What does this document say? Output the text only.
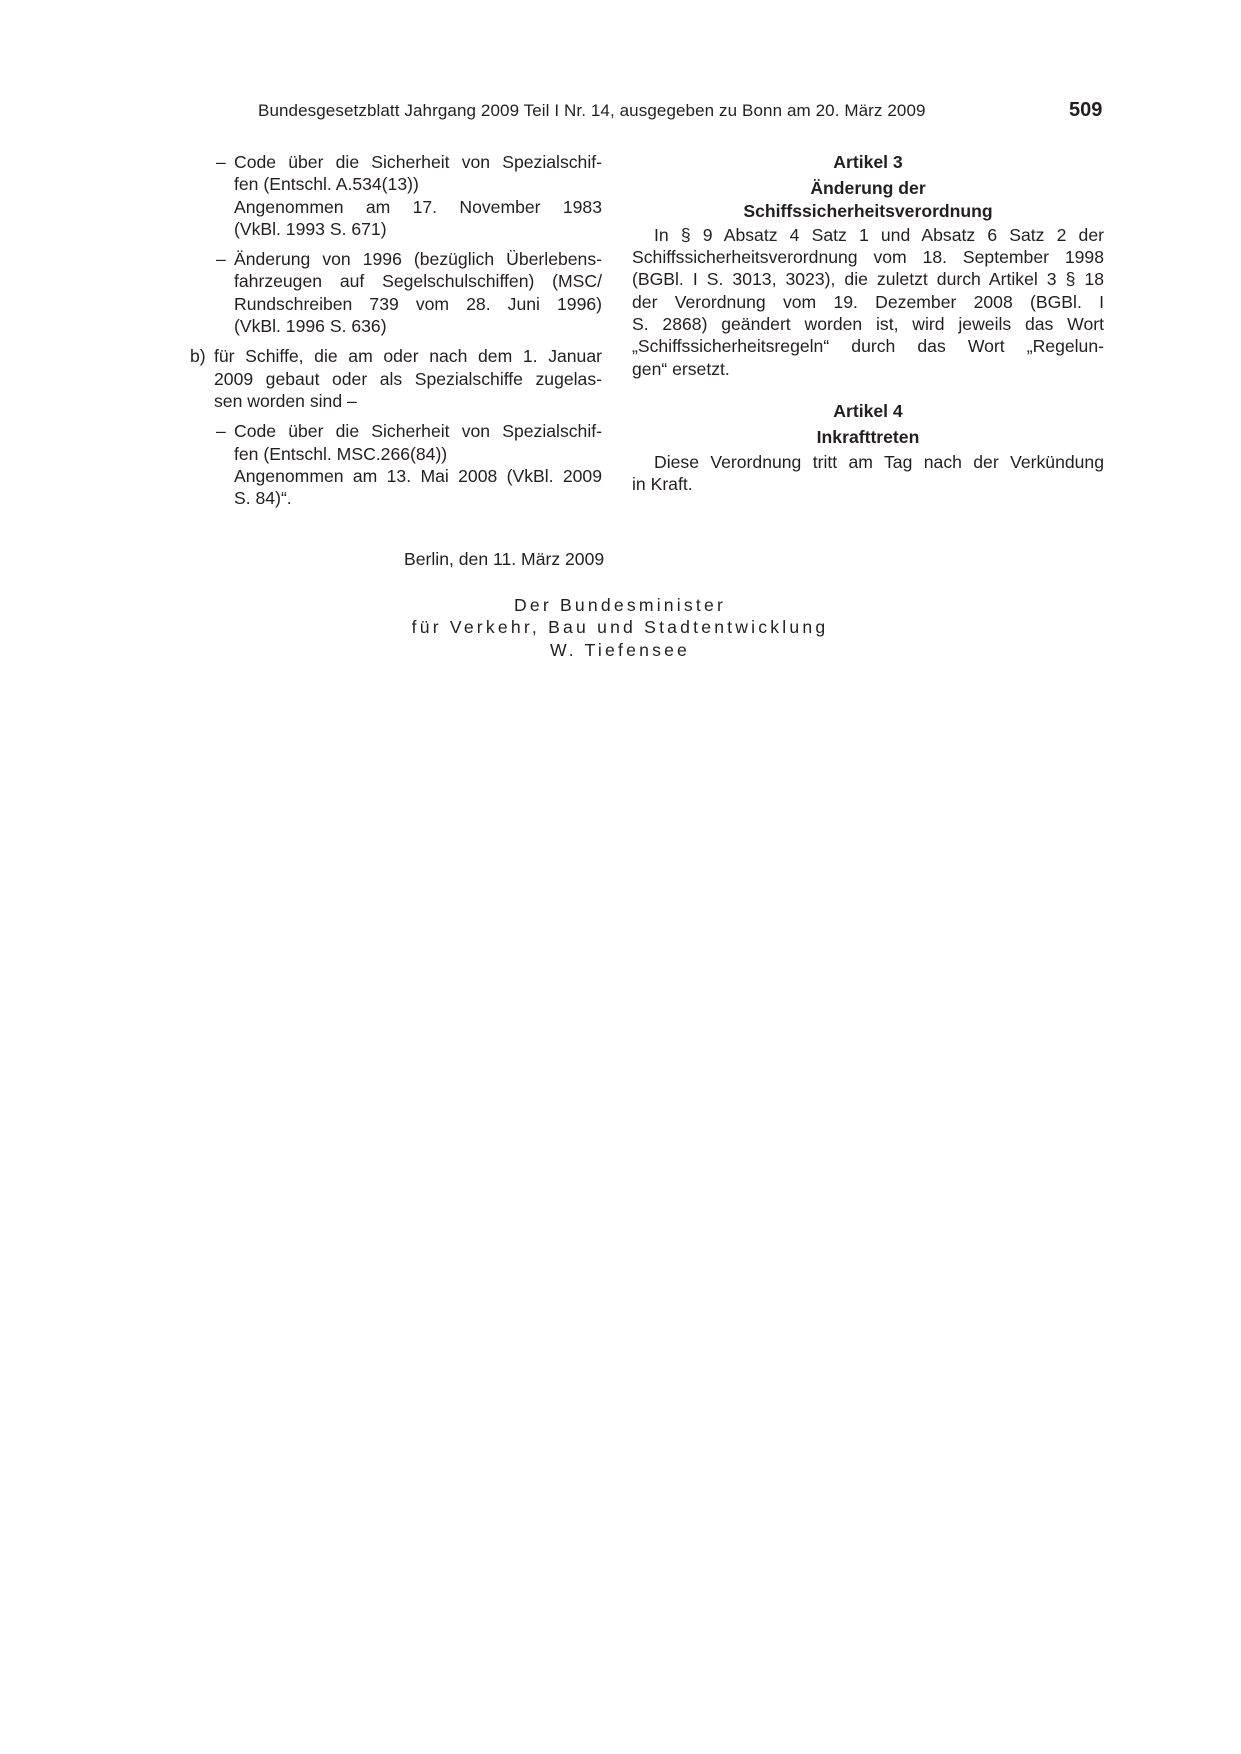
Bundesgesetzblatt Jahrgang 2009 Teil I Nr. 14, ausgegeben zu Bonn am 20. März 2009	509
– Code über die Sicherheit von Spezialschif-
fen (Entschl. A.534(13))
Angenommen am 17. November 1983
(VkBl. 1993 S. 671)
– Änderung von 1996 (bezüglich Überlebens-
fahrzeugen auf Segelschulschiffen) (MSC/
Rundschreiben 739 vom 28. Juni 1996)
(VkBl. 1996 S. 636)
b) für Schiffe, die am oder nach dem 1. Januar
2009 gebaut oder als Spezialschiffe zugelas-
sen worden sind –
– Code über die Sicherheit von Spezialschif-
fen (Entschl. MSC.266(84))
Angenommen am 13. Mai 2008 (VkBl. 2009
S. 84)“.
Artikel 3
Änderung der
Schiffssicherheitsverordnung
In § 9 Absatz 4 Satz 1 und Absatz 6 Satz 2 der
Schiffssicherheitsverordnung vom 18. September 1998
(BGBl. I S. 3013, 3023), die zuletzt durch Artikel 3 § 18
der Verordnung vom 19. Dezember 2008 (BGBl. I
S. 2868) geändert worden ist, wird jeweils das Wort
„Schiffssicherheitsregeln“ durch das Wort „Regelun-
gen“ ersetzt.
Artikel 4
Inkrafttreten
Diese Verordnung tritt am Tag nach der Verkündung
in Kraft.
Berlin, den 11. März 2009
Der Bundesminister
für Verkehr, Bau und Stadtentwicklung
W. Tiefensee
